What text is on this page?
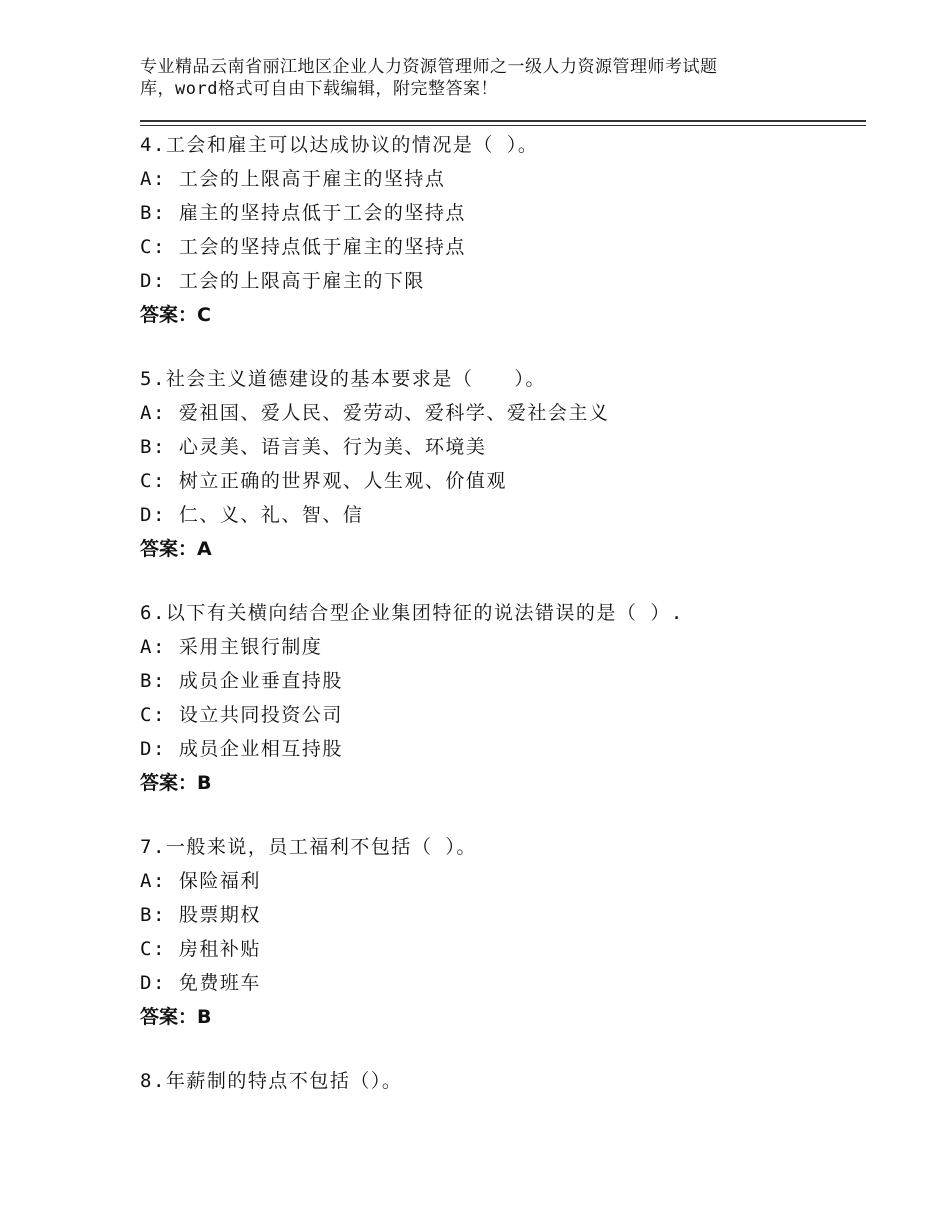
专业精品云南省丽江地区企业人力资源管理师之一级人力资源管理师考试题
库，word格式可自由下载编辑，附完整答案！
4.工会和雇主可以达成协议的情况是（ ）。
A: 工会的上限高于雇主的坚持点
B: 雇主的坚持点低于工会的坚持点
C: 工会的坚持点低于雇主的坚持点
D: 工会的上限高于雇主的下限
答案：C
5.社会主义道德建设的基本要求是（　　）。
A: 爱祖国、爱人民、爱劳动、爱科学、爱社会主义
B: 心灵美、语言美、行为美、环境美
C: 树立正确的世界观、人生观、价值观
D: 仁、义、礼、智、信
答案：A
6.以下有关横向结合型企业集团特征的说法错误的是（ ）.
A: 采用主银行制度
B: 成员企业垂直持股
C: 设立共同投资公司
D: 成员企业相互持股
答案：B
7.一般来说，员工福利不包括（ ）。
A: 保险福利
B: 股票期权
C: 房租补贴
D: 免费班车
答案：B
8.年薪制的特点不包括（）。
